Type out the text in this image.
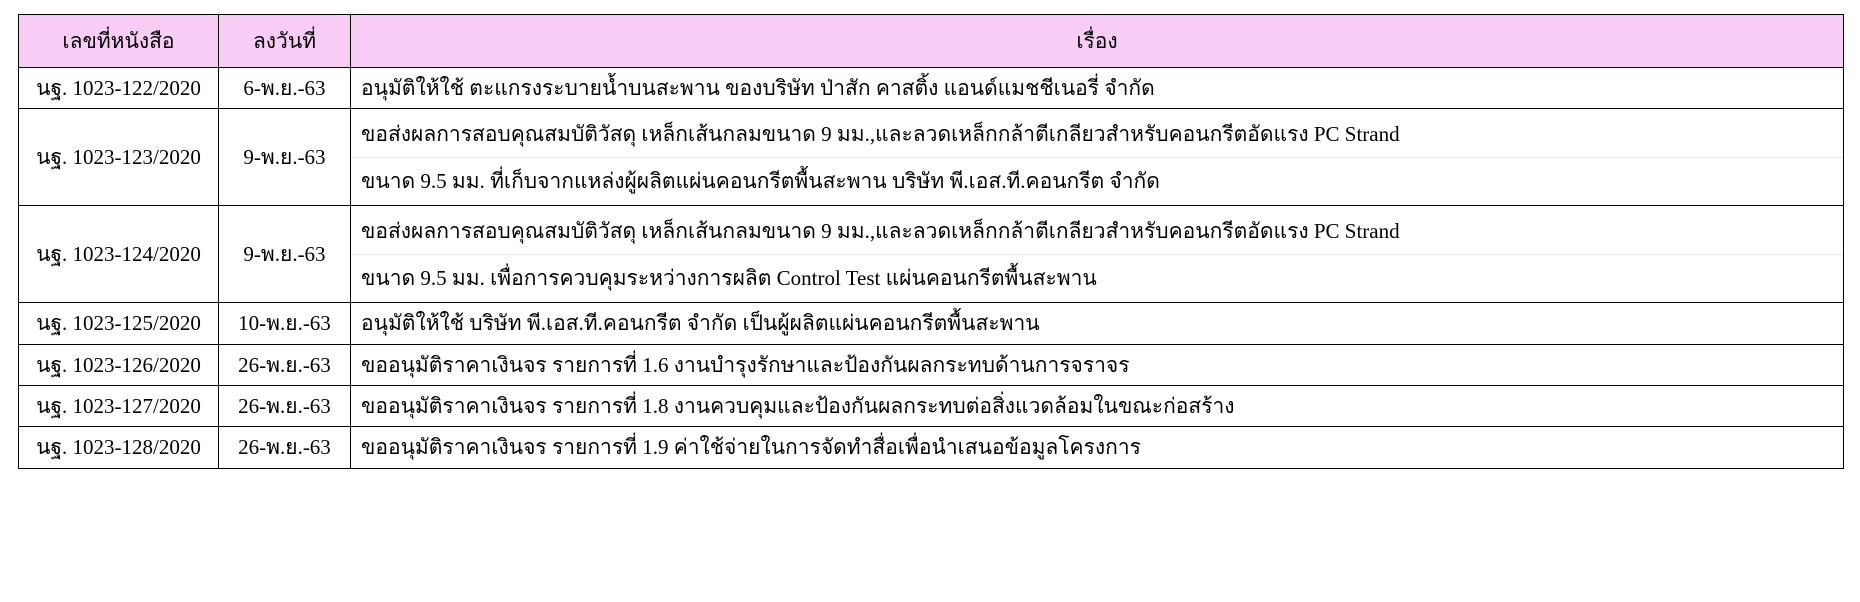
เลขที่หนังสือ	ลงวันที่	เรื่อง
นฐ. 1023-122/2020	6-พ.ย.-63	อนุมัติให้ใช้ ตะแกรงระบายน้ำบนสะพาน ของบริษัท ป่าสัก คาสติ้ง แอนด์แมชชีเนอรี่ จำกัด
นฐ. 1023-123/2020	9-พ.ย.-63	ขอส่งผลการสอบคุณสมบัติวัสดุ เหล็กเส้นกลมขนาด 9 มม.,และลวดเหล็กกล้าตีเกลียวสำหรับคอนกรีตอัดแรง PC Strand
ขนาด 9.5 มม. ที่เก็บจากแหล่งผู้ผลิตแผ่นคอนกรีตพื้นสะพาน บริษัท พี.เอส.ที.คอนกรีต จำกัด

นฐ. 1023-124/2020	9-พ.ย.-63	ขอส่งผลการสอบคุณสมบัติวัสดุ เหล็กเส้นกลมขนาด 9 มม.,และลวดเหล็กกล้าตีเกลียวสำหรับคอนกรีตอัดแรง PC Strand
ขนาด 9.5 มม. เพื่อการควบคุมระหว่างการผลิต Control Test แผ่นคอนกรีตพื้นสะพาน

นฐ. 1023-125/2020	10-พ.ย.-63	อนุมัติให้ใช้ บริษัท พี.เอส.ที.คอนกรีต จำกัด เป็นผู้ผลิตแผ่นคอนกรีตพื้นสะพาน
นฐ. 1023-126/2020	26-พ.ย.-63	ขออนุมัติราคาเงินจร รายการที่ 1.6 งานบำรุงรักษาและป้องกันผลกระทบด้านการจราจร
นฐ. 1023-127/2020	26-พ.ย.-63	ขออนุมัติราคาเงินจร รายการที่ 1.8 งานควบคุมและป้องกันผลกระทบต่อสิ่งแวดล้อมในขณะก่อสร้าง
นฐ. 1023-128/2020	26-พ.ย.-63	ขออนุมัติราคาเงินจร รายการที่ 1.9 ค่าใช้จ่ายในการจัดทำสื่อเพื่อนำเสนอข้อมูลโครงการ
